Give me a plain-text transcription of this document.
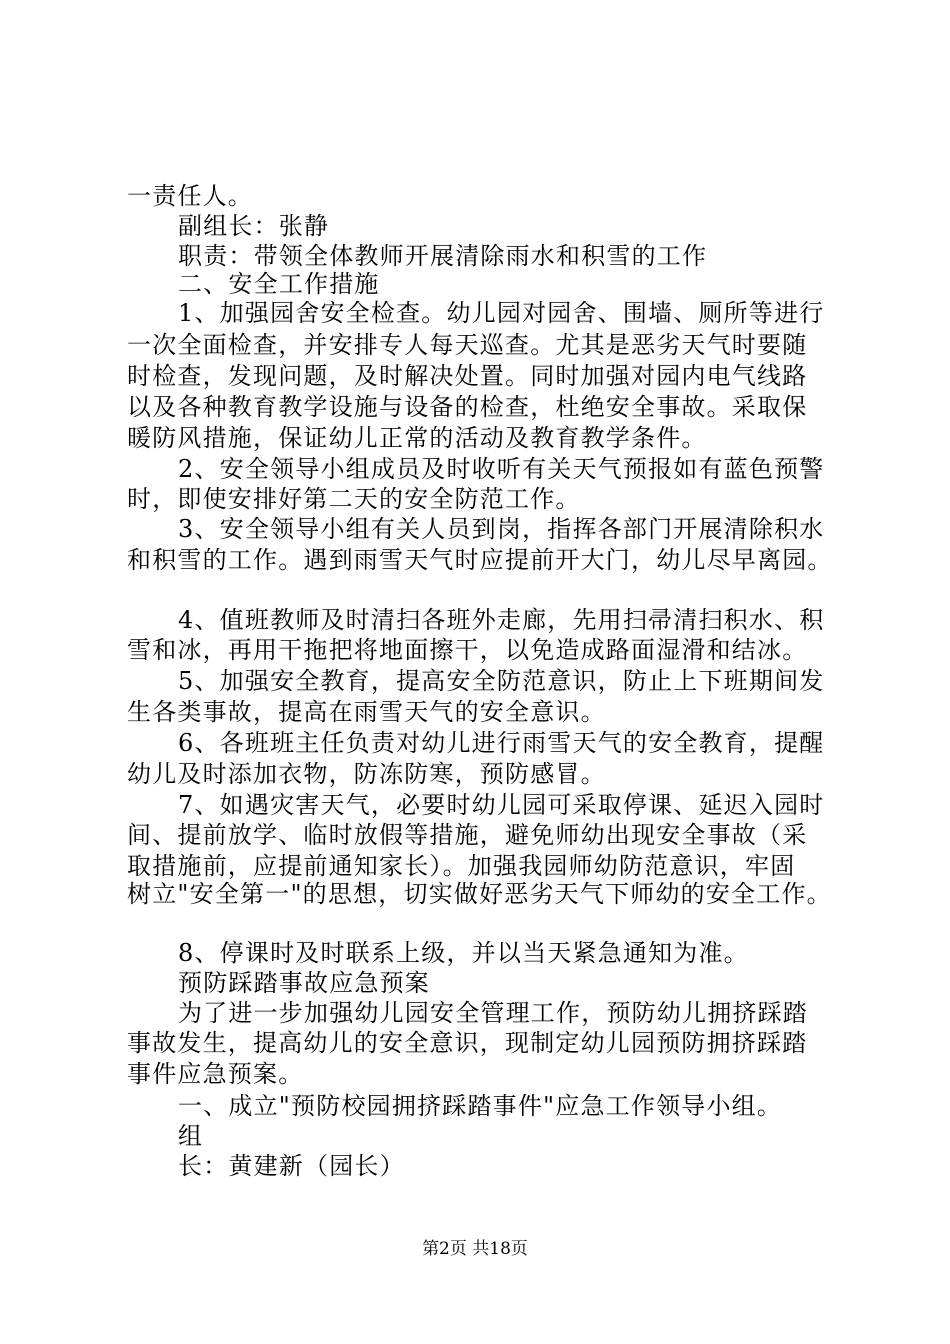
一责任人。
副组长：张静
职责：带领全体教师开展清除雨水和积雪的工作
二、安全工作措施
1、加强园舍安全检查。幼儿园对园舍、围墙、厕所等进行
一次全面检查，并安排专人每天巡查。尤其是恶劣天气时要随
时检查，发现问题，及时解决处置。同时加强对园内电气线路
以及各种教育教学设施与设备的检查，杜绝安全事故。采取保
暖防风措施，保证幼儿正常的活动及教育教学条件。
2、安全领导小组成员及时收听有关天气预报如有蓝色预警
时，即使安排好第二天的安全防范工作。
3、安全领导小组有关人员到岗，指挥各部门开展清除积水
和积雪的工作。遇到雨雪天气时应提前开大门，幼儿尽早离园。
4、值班教师及时清扫各班外走廊，先用扫帚清扫积水、积
雪和冰，再用干拖把将地面擦干，以免造成路面湿滑和结冰。
5、加强安全教育，提高安全防范意识，防止上下班期间发
生各类事故，提高在雨雪天气的安全意识。
6、各班班主任负责对幼儿进行雨雪天气的安全教育，提醒
幼儿及时添加衣物，防冻防寒，预防感冒。
7、如遇灾害天气，必要时幼儿园可采取停课、延迟入园时
间、提前放学、临时放假等措施，避免师幼出现安全事故（采
取措施前，应提前通知家长）。加强我园师幼防范意识，牢固
树立"安全第一"的思想，切实做好恶劣天气下师幼的安全工作。
8、停课时及时联系上级，并以当天紧急通知为准。
预防踩踏事故应急预案
为了进一步加强幼儿园安全管理工作，预防幼儿拥挤踩踏
事故发生，提高幼儿的安全意识，现制定幼儿园预防拥挤踩踏
事件应急预案。
一、成立"预防校园拥挤踩踏事件"应急工作领导小组。
组
长：黄建新（园长）
第2页 共18页
